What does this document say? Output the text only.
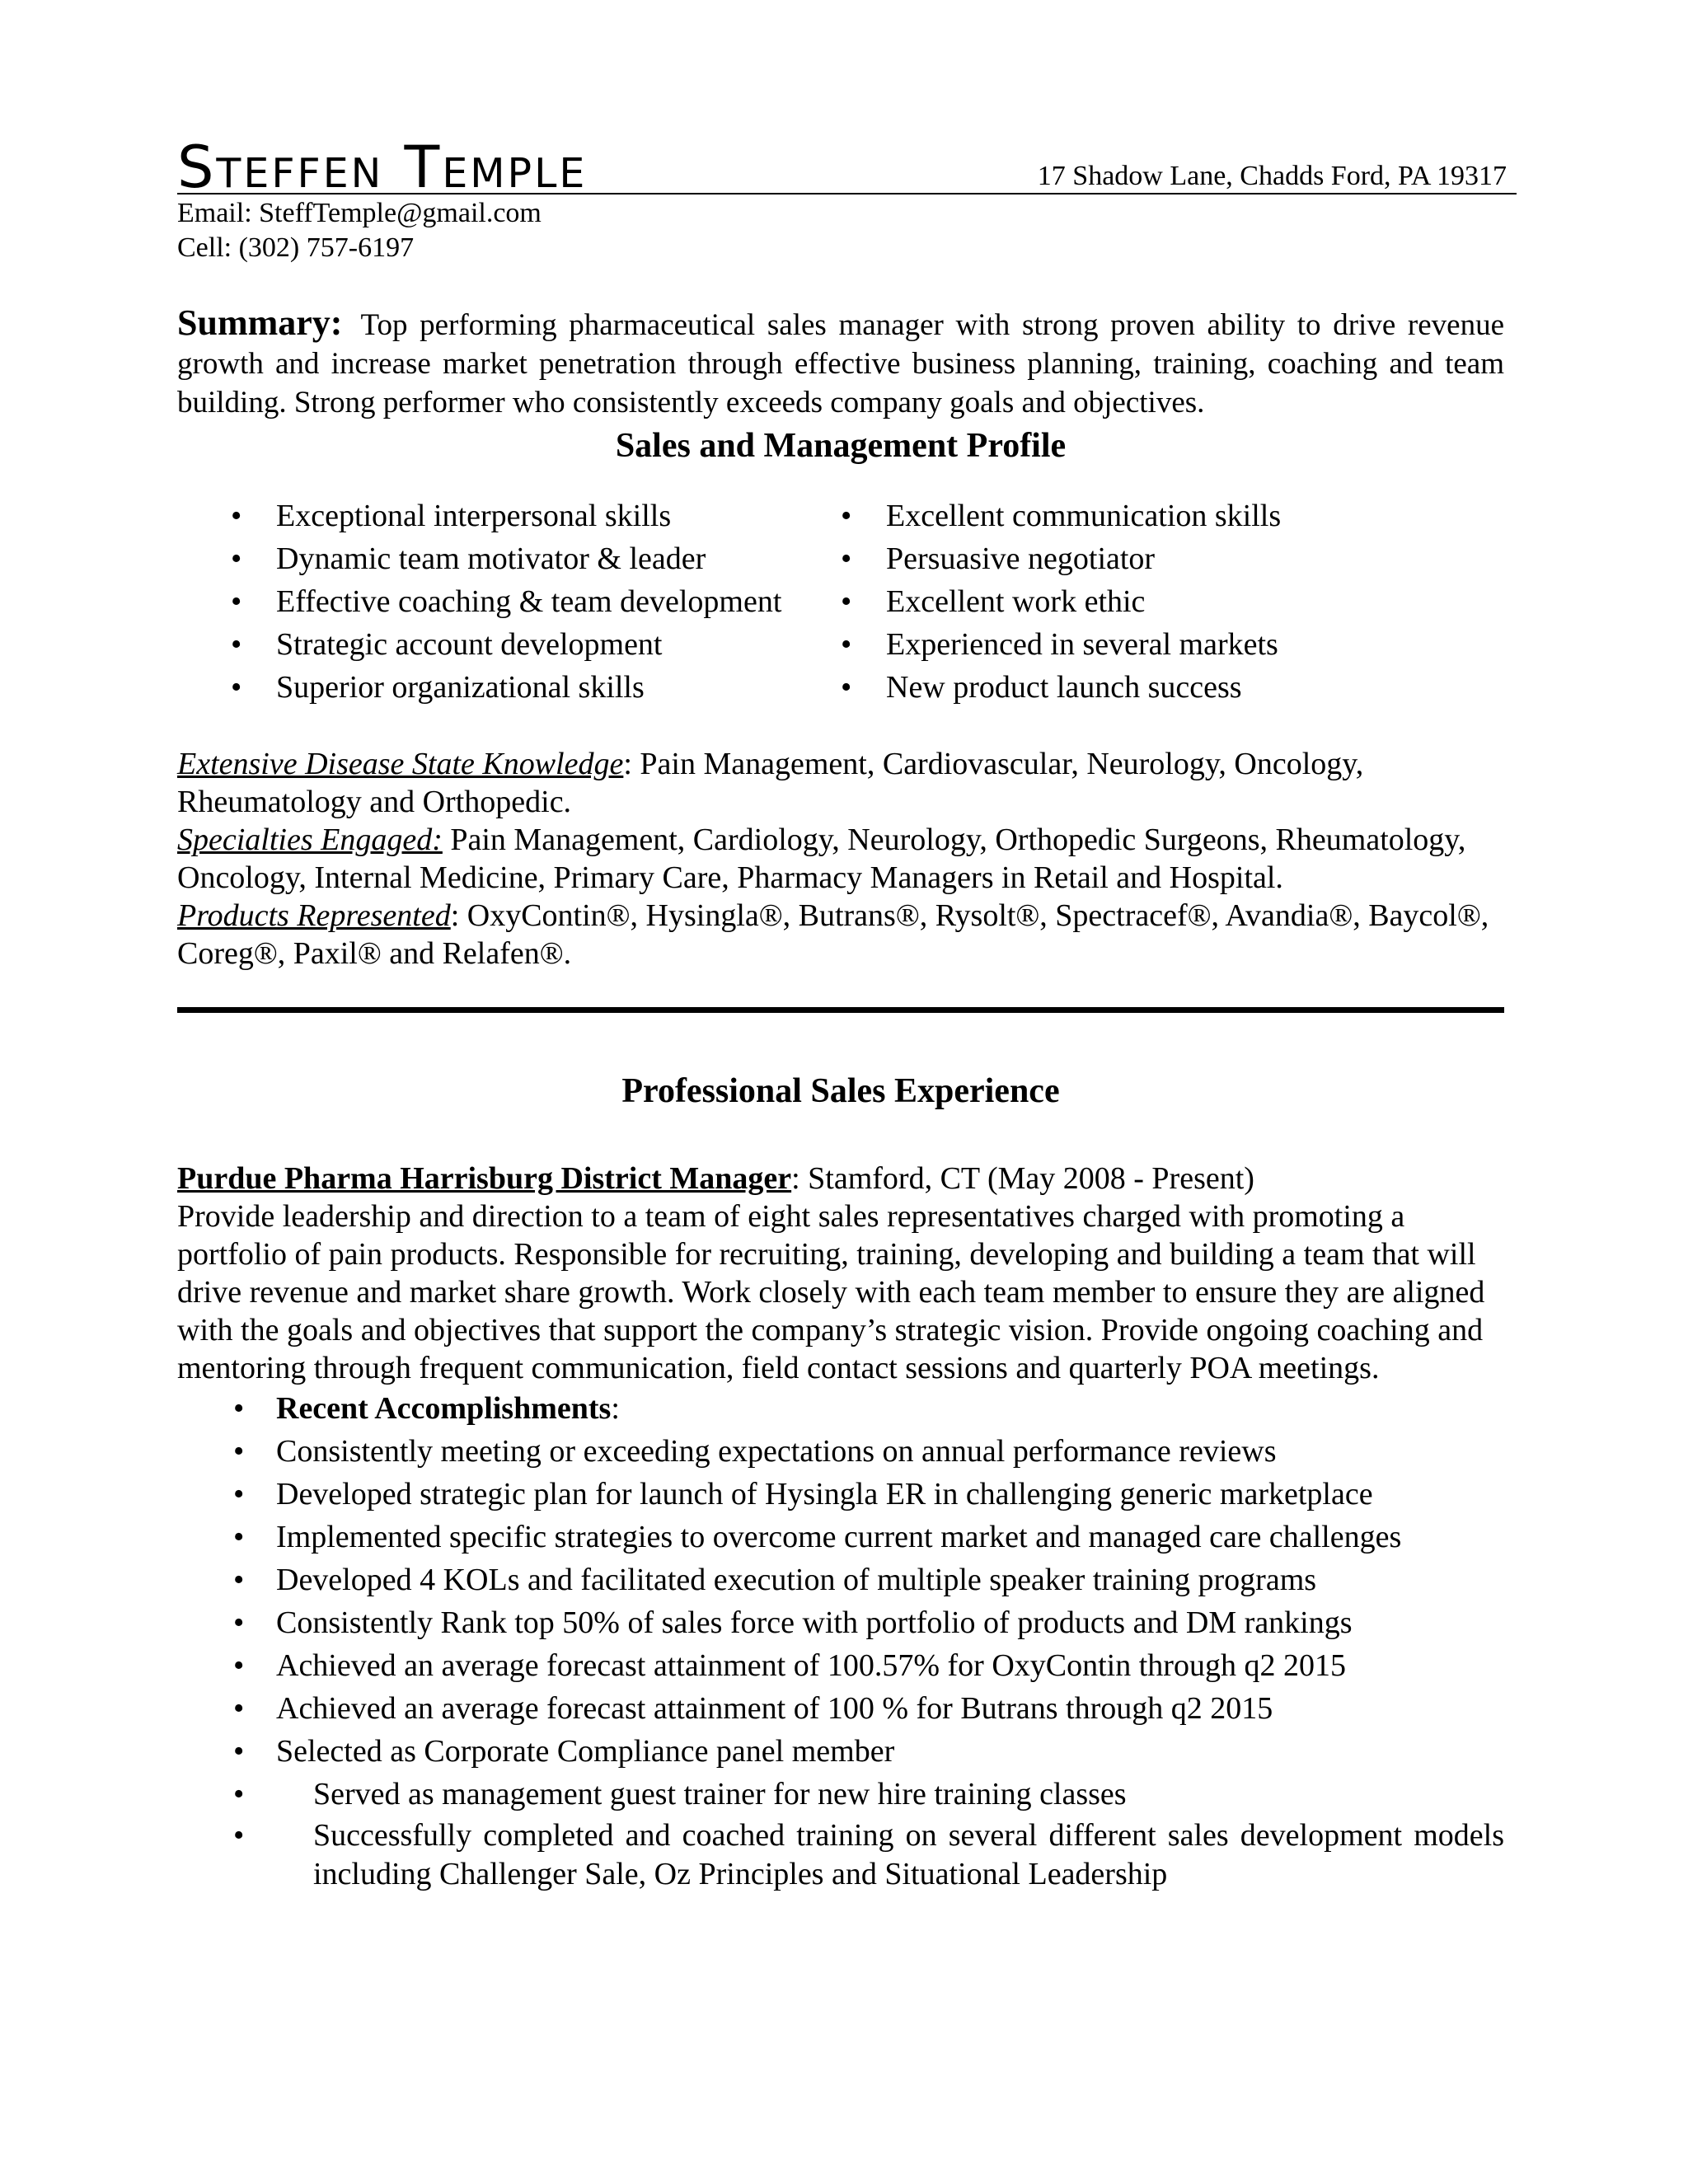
Steffen Temple	17 Shadow Lane, Chadds Ford, PA 19317
Email: SteffTemple@gmail.com
Cell: (302) 757-6197
Summary: Top performing pharmaceutical sales manager with strong proven ability to drive revenue growth and increase market penetration through effective business planning, training, coaching and team building. Strong performer who consistently exceeds company goals and objectives.
Sales and Management Profile
• Exceptional interpersonal skills
• Dynamic team motivator & leader
• Effective coaching & team development
• Strategic account development
• Superior organizational skills
• Excellent communication skills
• Persuasive negotiator
• Excellent work ethic
• Experienced in several markets
• New product launch success
Extensive Disease State Knowledge: Pain Management, Cardiovascular, Neurology, Oncology, Rheumatology and Orthopedic.
Specialties Engaged: Pain Management, Cardiology, Neurology, Orthopedic Surgeons, Rheumatology, Oncology, Internal Medicine, Primary Care, Pharmacy Managers in Retail and Hospital.
Products Represented: OxyContin®, Hysingla®, Butrans®, Rysolt®, Spectracef®, Avandia®, Baycol®, Coreg®, Paxil® and Relafen®.
Professional Sales Experience
Purdue Pharma Harrisburg District Manager: Stamford, CT (May 2008 - Present)

Provide leadership and direction to a team of eight sales representatives charged with promoting a portfolio of pain products. Responsible for recruiting, training, developing and building a team that will drive revenue and market share growth. Work closely with each team member to ensure they are aligned with the goals and objectives that support the company’s strategic vision. Provide ongoing coaching and mentoring through frequent communication, field contact sessions and quarterly POA meetings.

• Recent Accomplishments:
• Consistently meeting or exceeding expectations on annual performance reviews
• Developed strategic plan for launch of Hysingla ER in challenging generic marketplace
• Implemented specific strategies to overcome current market and managed care challenges
• Developed 4 KOLs and facilitated execution of multiple speaker training programs
• Consistently Rank top 50% of sales force with portfolio of products and DM rankings
• Achieved an average forecast attainment of 100.57% for OxyContin through q2 2015
• Achieved an average forecast attainment of 100 % for Butrans through q2 2015
• Selected as Corporate Compliance panel member
• Served as management guest trainer for new hire training classes
• Successfully completed and coached training on several different sales development models including Challenger Sale, Oz Principles and Situational Leadership
